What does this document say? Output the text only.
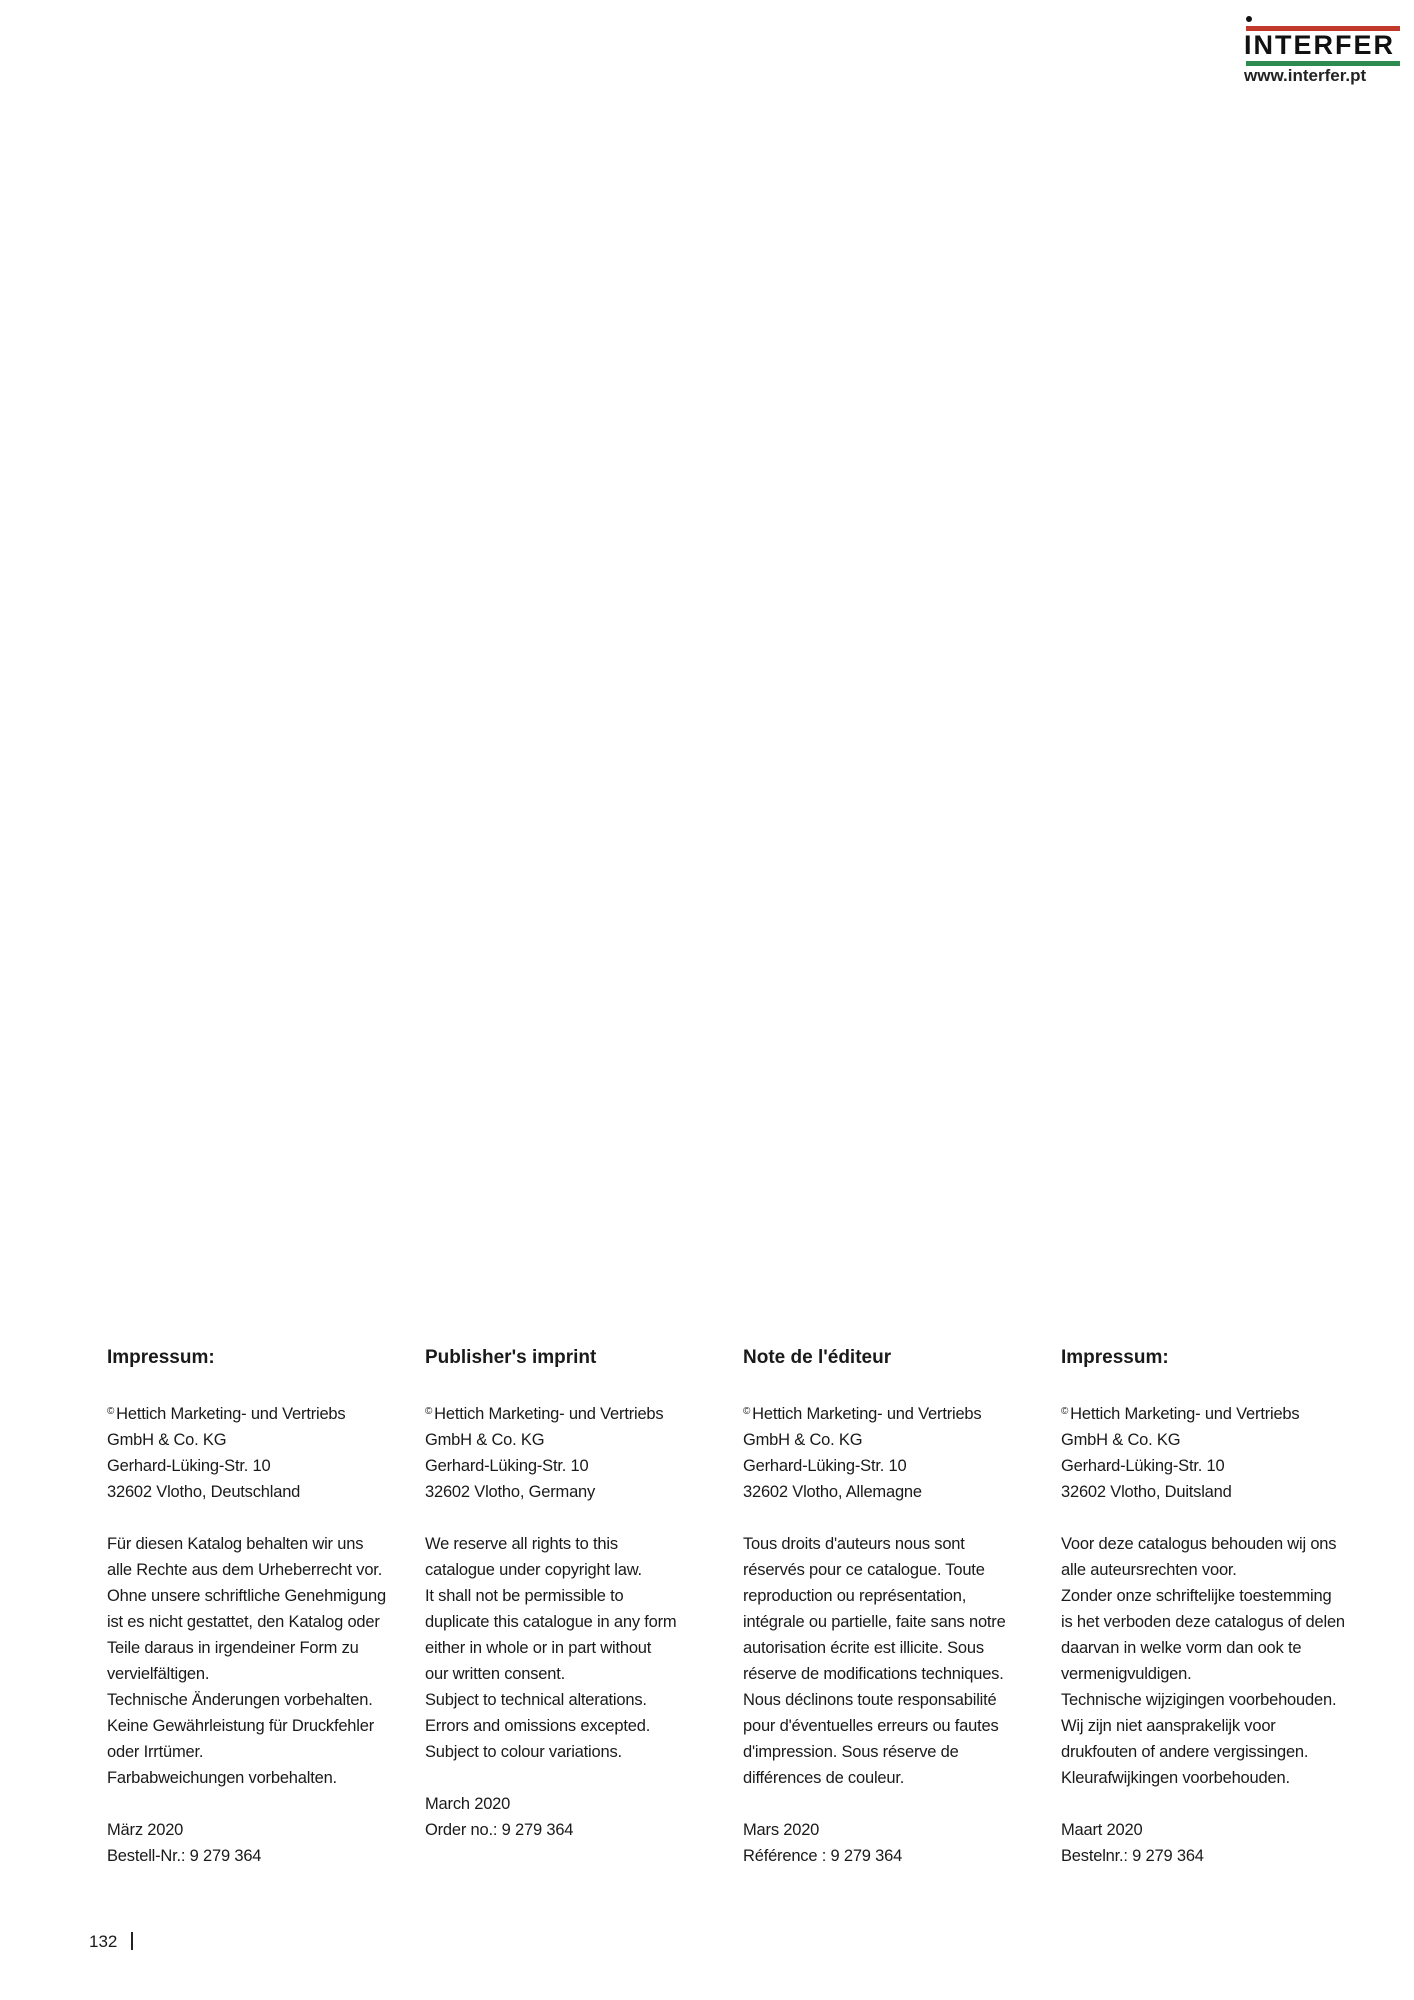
INTERFER
www.interfer.pt
Impressum:
© Hettich Marketing- und Vertriebs
GmbH & Co. KG
Gerhard-Lüking-Str. 10
32602 Vlotho, Deutschland
Für diesen Katalog behalten wir uns
alle Rechte aus dem Urheberrecht vor.
Ohne unsere schriftliche Genehmigung
ist es nicht gestattet, den Katalog oder
Teile daraus in irgendeiner Form zu
vervielfältigen.
Technische Änderungen vorbehalten.
Keine Gewährleistung für Druckfehler
oder Irrtümer.
Farbabweichungen vorbehalten.
März 2020
Bestell-Nr.: 9 279 364
Publisher's imprint
© Hettich Marketing- und Vertriebs
GmbH & Co. KG
Gerhard-Lüking-Str. 10
32602 Vlotho, Germany
We reserve all rights to this
catalogue under copyright law.
It shall not be permissible to
duplicate this catalogue in any form
either in whole or in part without
our written consent.
Subject to technical alterations.
Errors and omissions excepted.
Subject to colour variations.
March 2020
Order no.: 9 279 364
Note de l'éditeur
© Hettich Marketing- und Vertriebs
GmbH & Co. KG
Gerhard-Lüking-Str. 10
32602 Vlotho, Allemagne
Tous droits d'auteurs nous sont
réservés pour ce catalogue. Toute
reproduction ou représentation,
intégrale ou partielle, faite sans notre
autorisation écrite est illicite. Sous
réserve de modifications techniques.
Nous déclinons toute responsabilité
pour d'éventuelles erreurs ou fautes
d'impression. Sous réserve de
différences de couleur.
Mars 2020
Référence : 9 279 364
Impressum:
© Hettich Marketing- und Vertriebs
GmbH & Co. KG
Gerhard-Lüking-Str. 10
32602 Vlotho, Duitsland
Voor deze catalogus behouden wij ons
alle auteursrechten voor.
Zonder onze schriftelijke toestemming
is het verboden deze catalogus of delen
daarvan in welke vorm dan ook te
vermenigvuldigen.
Technische wijzigingen voorbehouden.
Wij zijn niet aansprakelijk voor
drukfouten of andere vergissingen.
Kleurafwijkingen voorbehouden.
Maart 2020
Bestelnr.: 9 279 364
132
